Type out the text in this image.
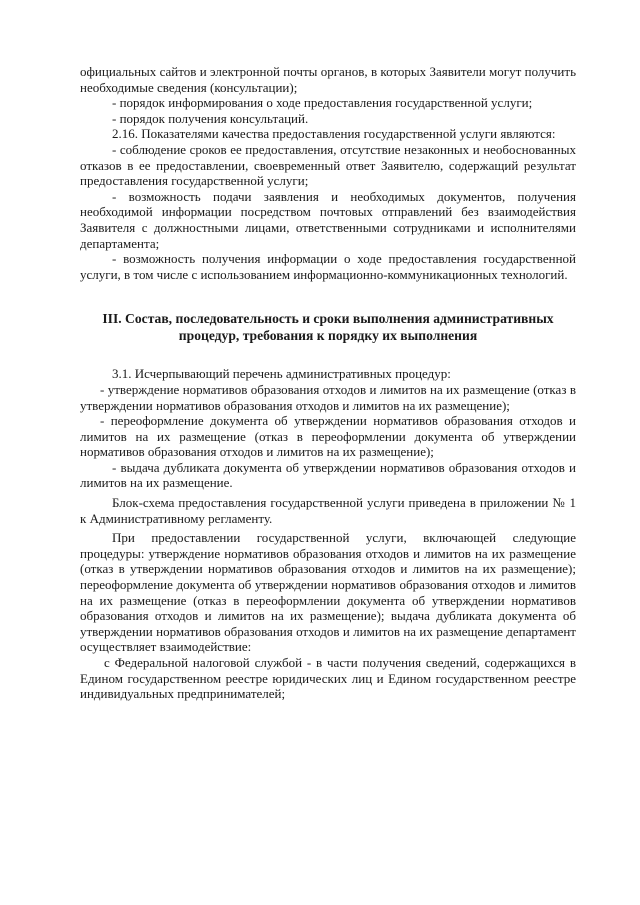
официальных сайтов и электронной почты органов, в которых Заявители могут получить необходимые сведения (консультации);

- порядок информирования о ходе предоставления государственной услуги;

- порядок получения консультаций.

2.16. Показателями качества предоставления государственной услуги являются:

- соблюдение сроков ее предоставления, отсутствие незаконных и необоснованных отказов в ее предоставлении, своевременный ответ Заявителю, содержащий результат предоставления государственной услуги;

- возможность подачи заявления и необходимых документов, получения необходимой информации посредством почтовых отправлений без взаимодействия Заявителя с должностными лицами, ответственными сотрудниками и исполнителями департамента;

- возможность получения информации о ходе предоставления государственной услуги, в том числе с использованием информационно-коммуникационных технологий.

III. Состав, последовательность и сроки выполнения административных
процедур, требования к порядку их выполнения

3.1. Исчерпывающий перечень административных процедур:

- утверждение нормативов образования отходов и лимитов на их размещение (отказ в утверждении нормативов образования отходов и лимитов на их размещение);

- переоформление документа об утверждении нормативов образования отходов и лимитов на их размещение (отказ в переоформлении документа об утверждении нормативов образования отходов и лимитов на их размещение);

- выдача дубликата документа об утверждении нормативов образования отходов и лимитов на их размещение.

Блок-схема предоставления государственной услуги приведена в приложении № 1 к Административному регламенту.

При предоставлении государственной услуги, включающей следующие процедуры: утверждение нормативов образования отходов и лимитов на их размещение (отказ в утверждении нормативов образования отходов и лимитов на их размещение); переоформление документа об утверждении нормативов образования отходов и лимитов на их размещение (отказ в переоформлении документа об утверждении нормативов образования отходов и лимитов на их размещение); выдача дубликата документа об утверждении нормативов образования отходов и лимитов на их размещение департамент осуществляет взаимодействие:

с Федеральной налоговой службой - в части получения сведений, содержащихся в Едином государственном реестре юридических лиц и Едином государственном реестре индивидуальных предпринимателей;
